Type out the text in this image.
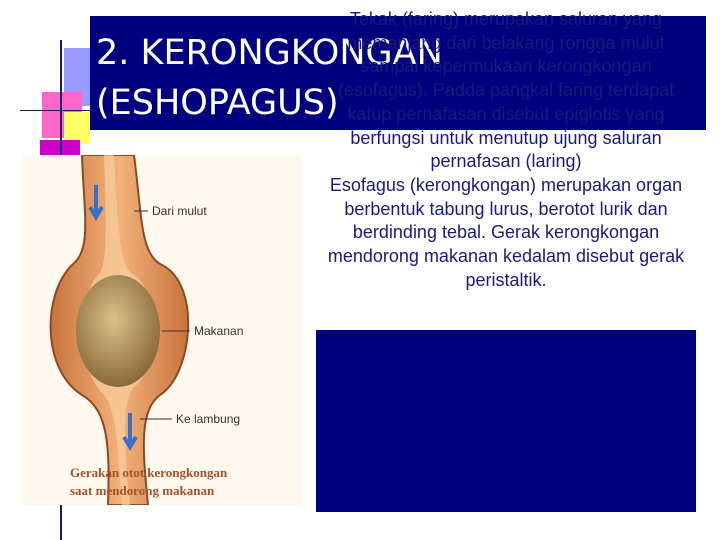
2. KERONGKONGAN
(ESHOPAGUS)
Dari mulut
Makanan
Ke lambung
Gerakan otot kerongkongan
saat mendorong makanan
Tekak (faring) merupakan saluran yang memanjang dari belakang rongga mulut sampai kepermukaan kerongkongan (esofagus). Padda pangkal faring terdapat katup pernafasan disebut epiglotis yang berfungsi untuk menutup ujung saluran pernafasan (laring)
Esofagus (kerongkongan) merupakan organ berbentuk tabung lurus, berotot lurik dan berdinding tebal. Gerak kerongkongan mendorong makanan kedalam disebut gerak peristaltik.
